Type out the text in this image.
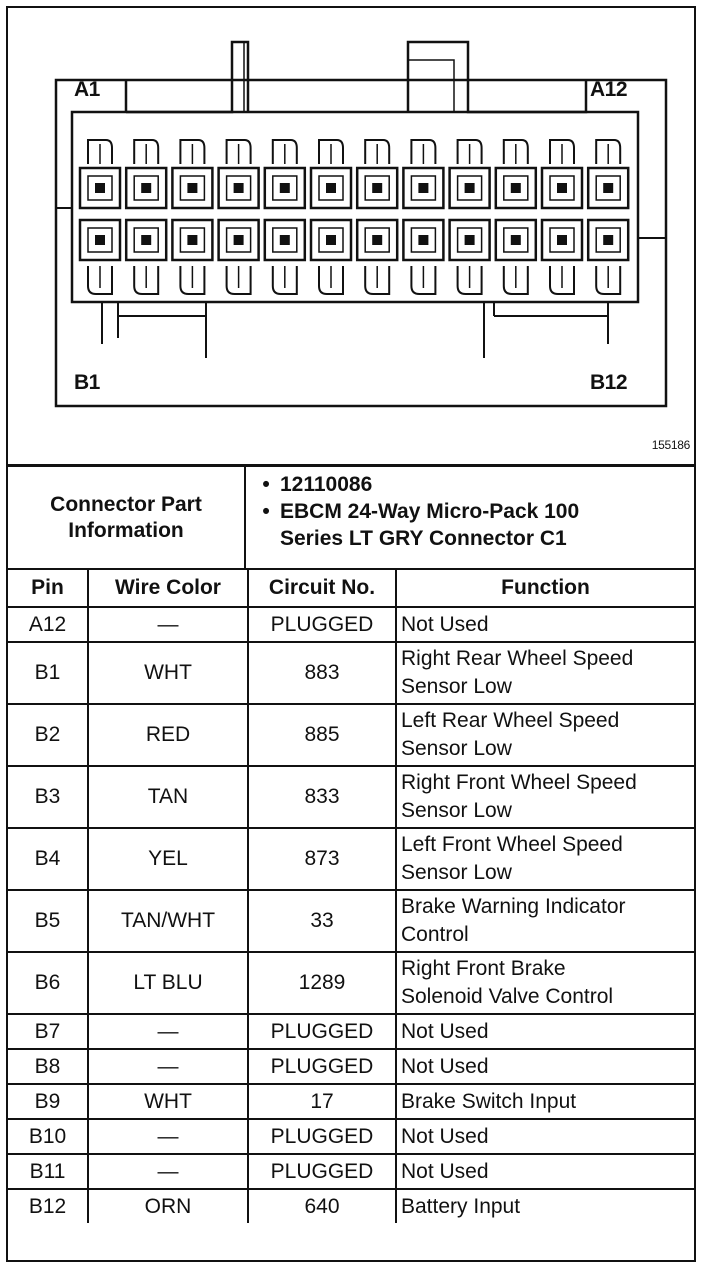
A1	A12
B1	B12
155186
Connector Part
Information
• 12110086
• EBCM 24-Way Micro-Pack 100
Series LT GRY Connector C1
Pin	Wire Color	Circuit No.	Function
A12	—	PLUGGED	Not Used

B1	WHT	883	Right Rear Wheel Speed
Sensor Low

B2	RED	885	Left Rear Wheel Speed
Sensor Low

B3	TAN	833	Right Front Wheel Speed
Sensor Low

B4	YEL	873	Left Front Wheel Speed
Sensor Low

B5	TAN/WHT	33	Brake Warning Indicator
Control

B6	LT BLU	1289	Right Front Brake
Solenoid Valve Control

B7	—	PLUGGED	Not Used

B8	—	PLUGGED	Not Used

B9	WHT	17	Brake Switch Input

B10	—	PLUGGED	Not Used

B11	—	PLUGGED	Not Used

B12	ORN	640	Battery Input
